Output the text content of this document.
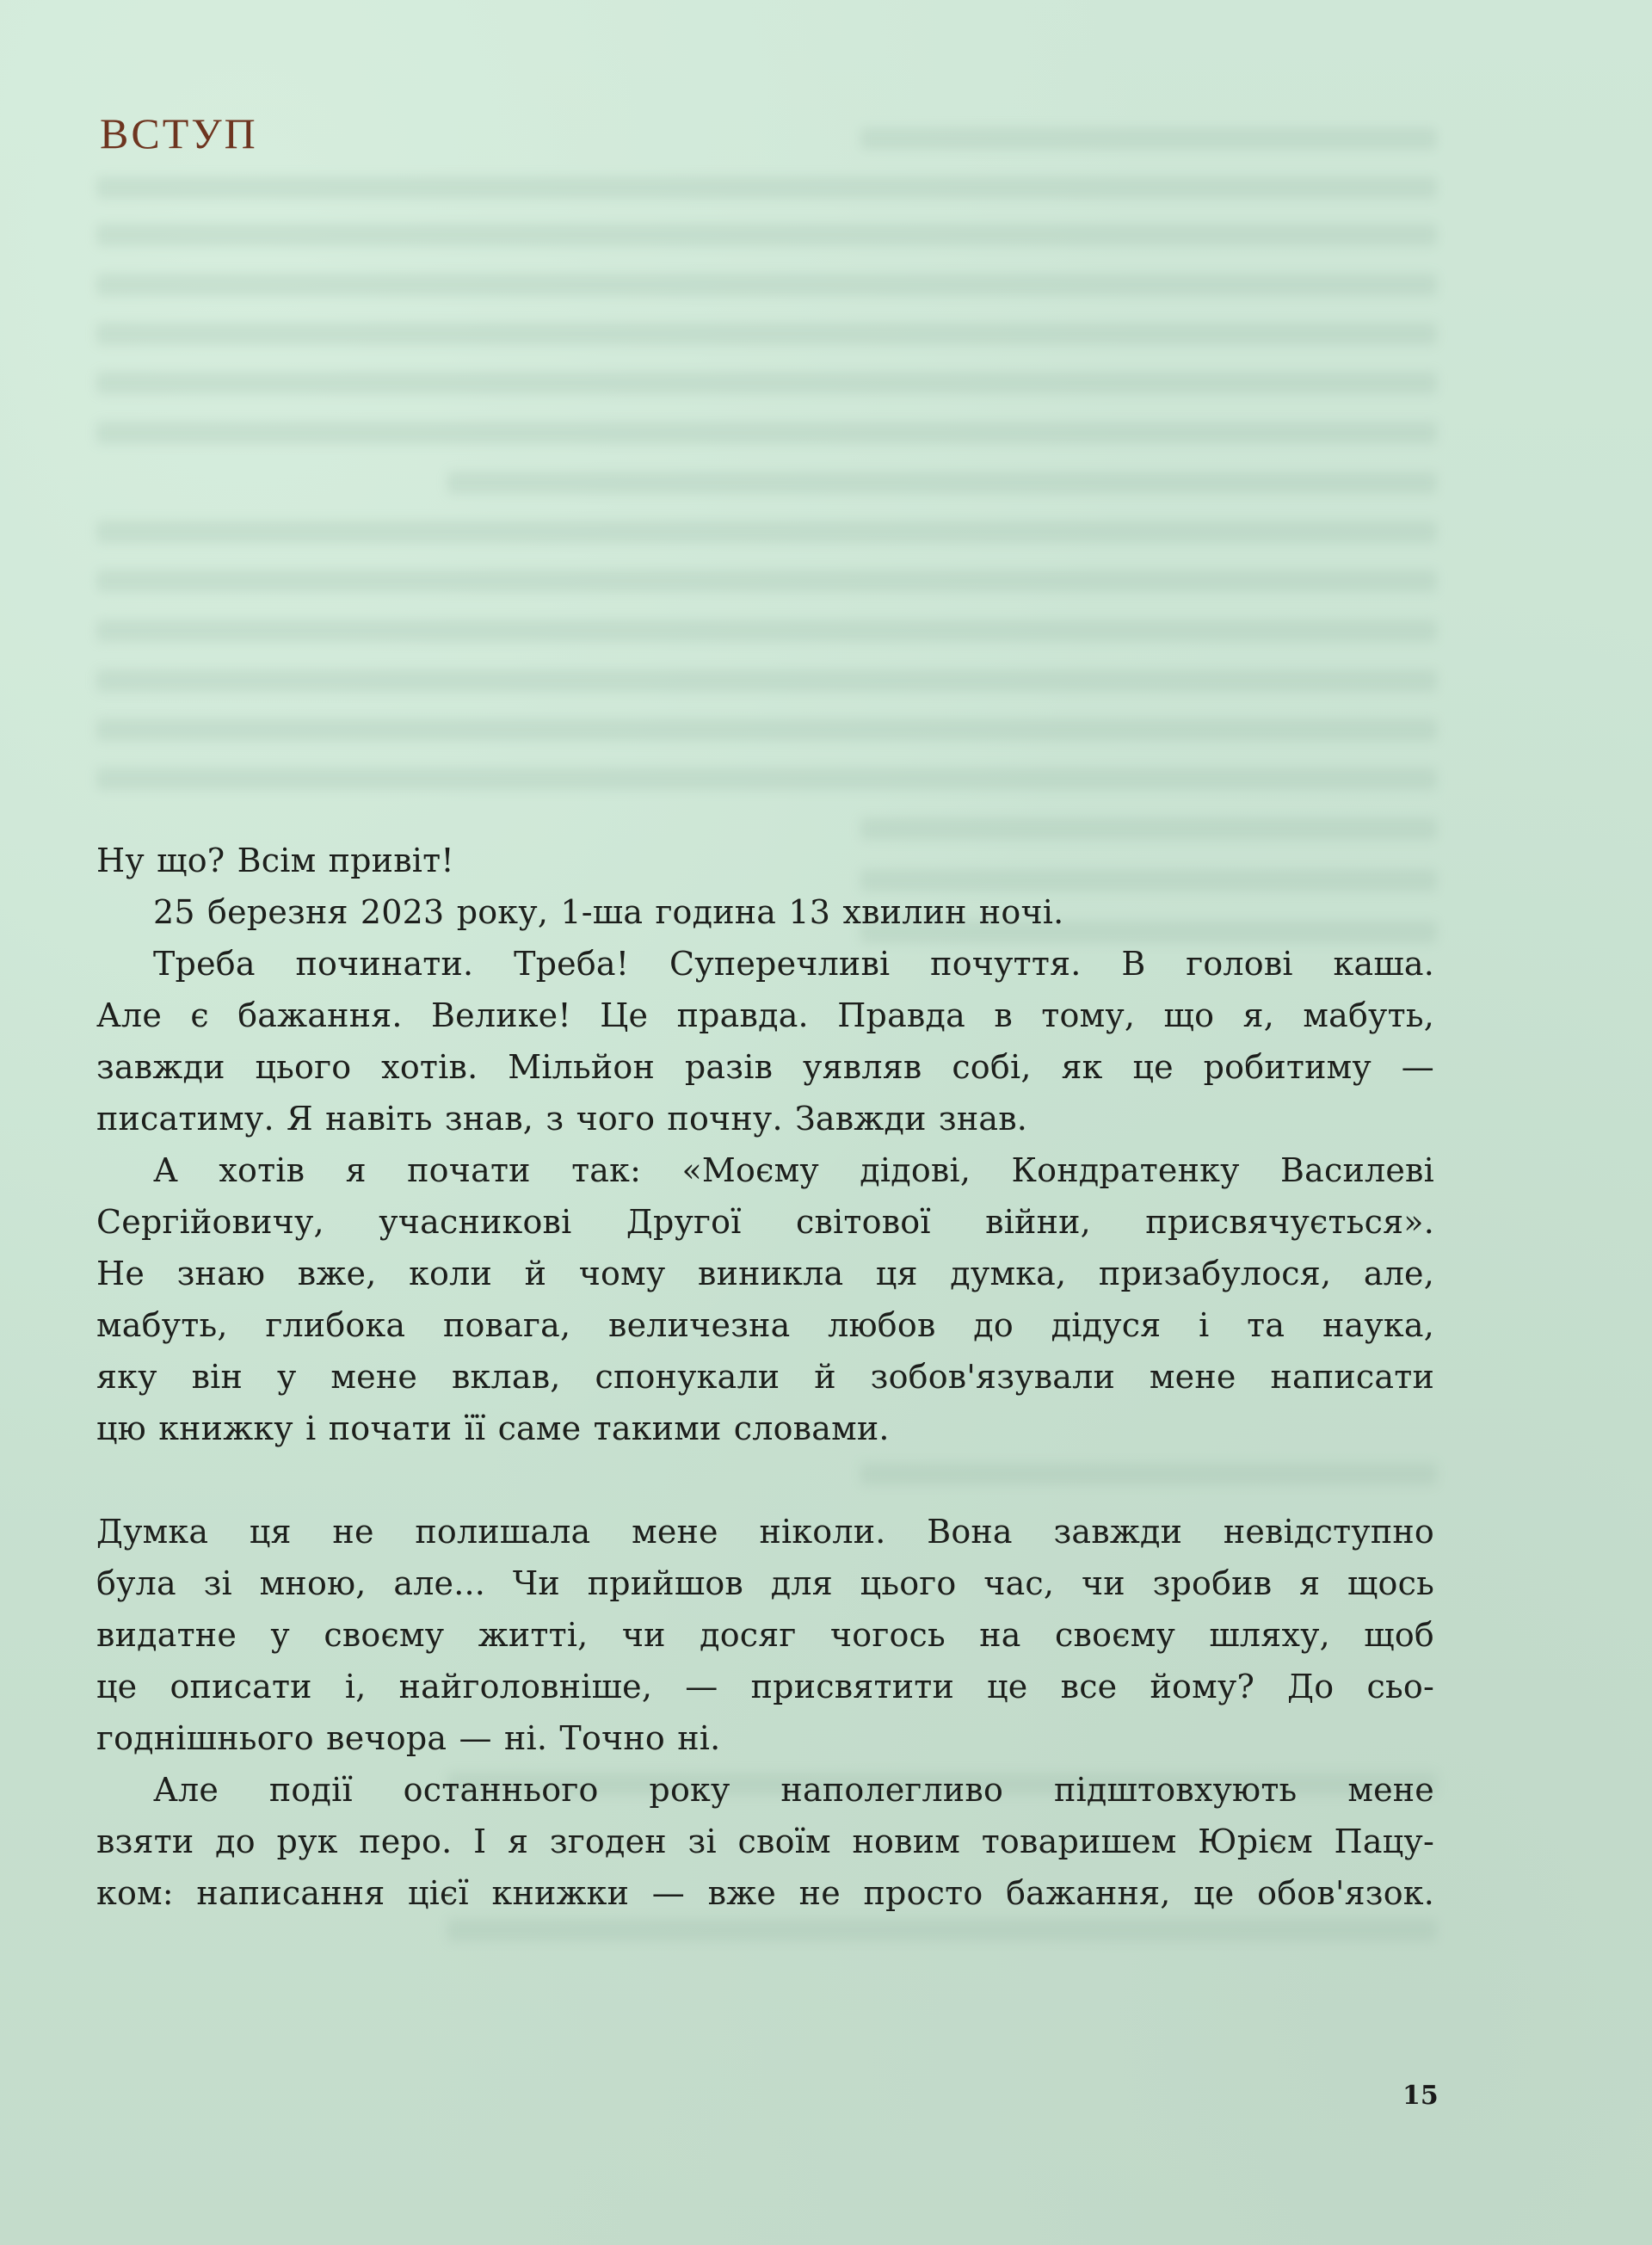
ВСТУП
Ну що? Всім привіт!
25 березня 2023 року, 1-ша година 13 хвилин ночі.
Треба починати. Треба! Суперечливі почуття. В голові каша.
Але є бажання. Велике! Це правда. Правда в тому, що я, мабуть,
завжди цього хотів. Мільйон разів уявляв собі, як це робитиму —
писатиму. Я навіть знав, з чого почну. Завжди знав.
А хотів я почати так: «Моєму дідові, Кондратенку Василеві
Сергійовичу, учасникові Другої світової війни, присвячується».
Не знаю вже, коли й чому виникла ця думка, призабулося, але,
мабуть, глибока повага, величезна любов до дідуся і та наука,
яку він у мене вклав, спонукали й зобов'язували мене написати
цю книжку і почати її саме такими словами.
Думка ця не полишала мене ніколи. Вона завжди невідступно
була зі мною, але... Чи прийшов для цього час, чи зробив я щось
видатне у своєму житті, чи досяг чогось на своєму шляху, щоб
це описати і, найголовніше, — присвятити це все йому? До сьо-
годнішнього вечора — ні. Точно ні.
Але події останнього року наполегливо підштовхують мене
взяти до рук перо. І я згоден зі своїм новим товаришем Юрієм Пацу-
ком: написання цієї книжки — вже не просто бажання, це обов'язок.
15
